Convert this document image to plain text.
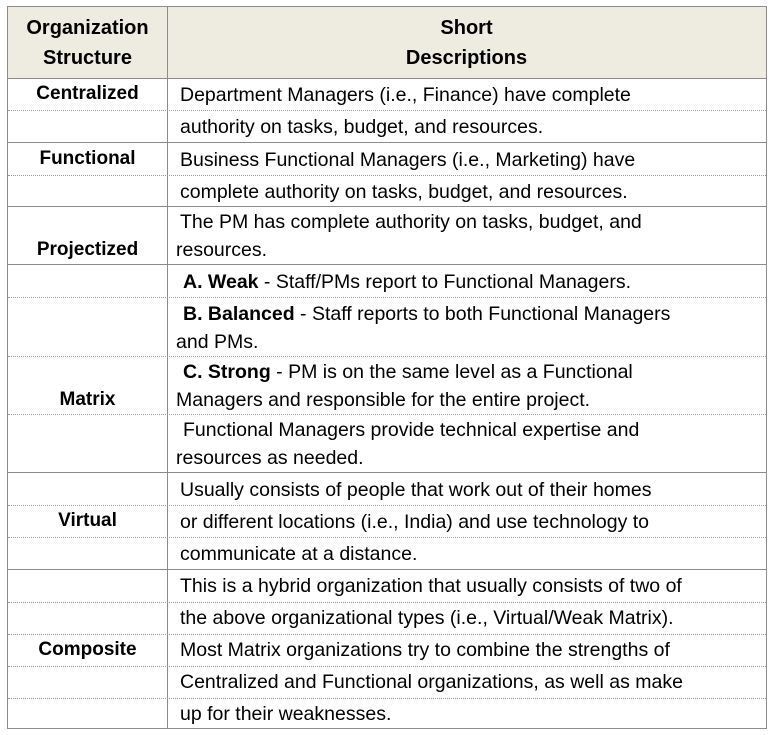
Organization
Structure
Short
Descriptions
Centralized	Department Managers (i.e., Finance) have complete
authority on tasks, budget, and resources.
Functional	Business Functional Managers (i.e., Marketing) have
complete authority on tasks, budget, and resources.
Projectized
The PM has complete authority on tasks, budget, and
resources.
Matrix
A. Weak - Staff/PMs report to Functional Managers.
B. Balanced - Staff reports to both Functional Managers
and PMs.
C. Strong - PM is on the same level as a Functional
Managers and responsible for the entire project.
Functional Managers provide technical expertise and
resources as needed.
Virtual
Usually consists of people that work out of their homes
or different locations (i.e., India) and use technology to
communicate at a distance.
Composite
This is a hybrid organization that usually consists of two of
the above organizational types (i.e., Virtual/Weak Matrix).
Most Matrix organizations try to combine the strengths of
Centralized and Functional organizations, as well as make
up for their weaknesses.
